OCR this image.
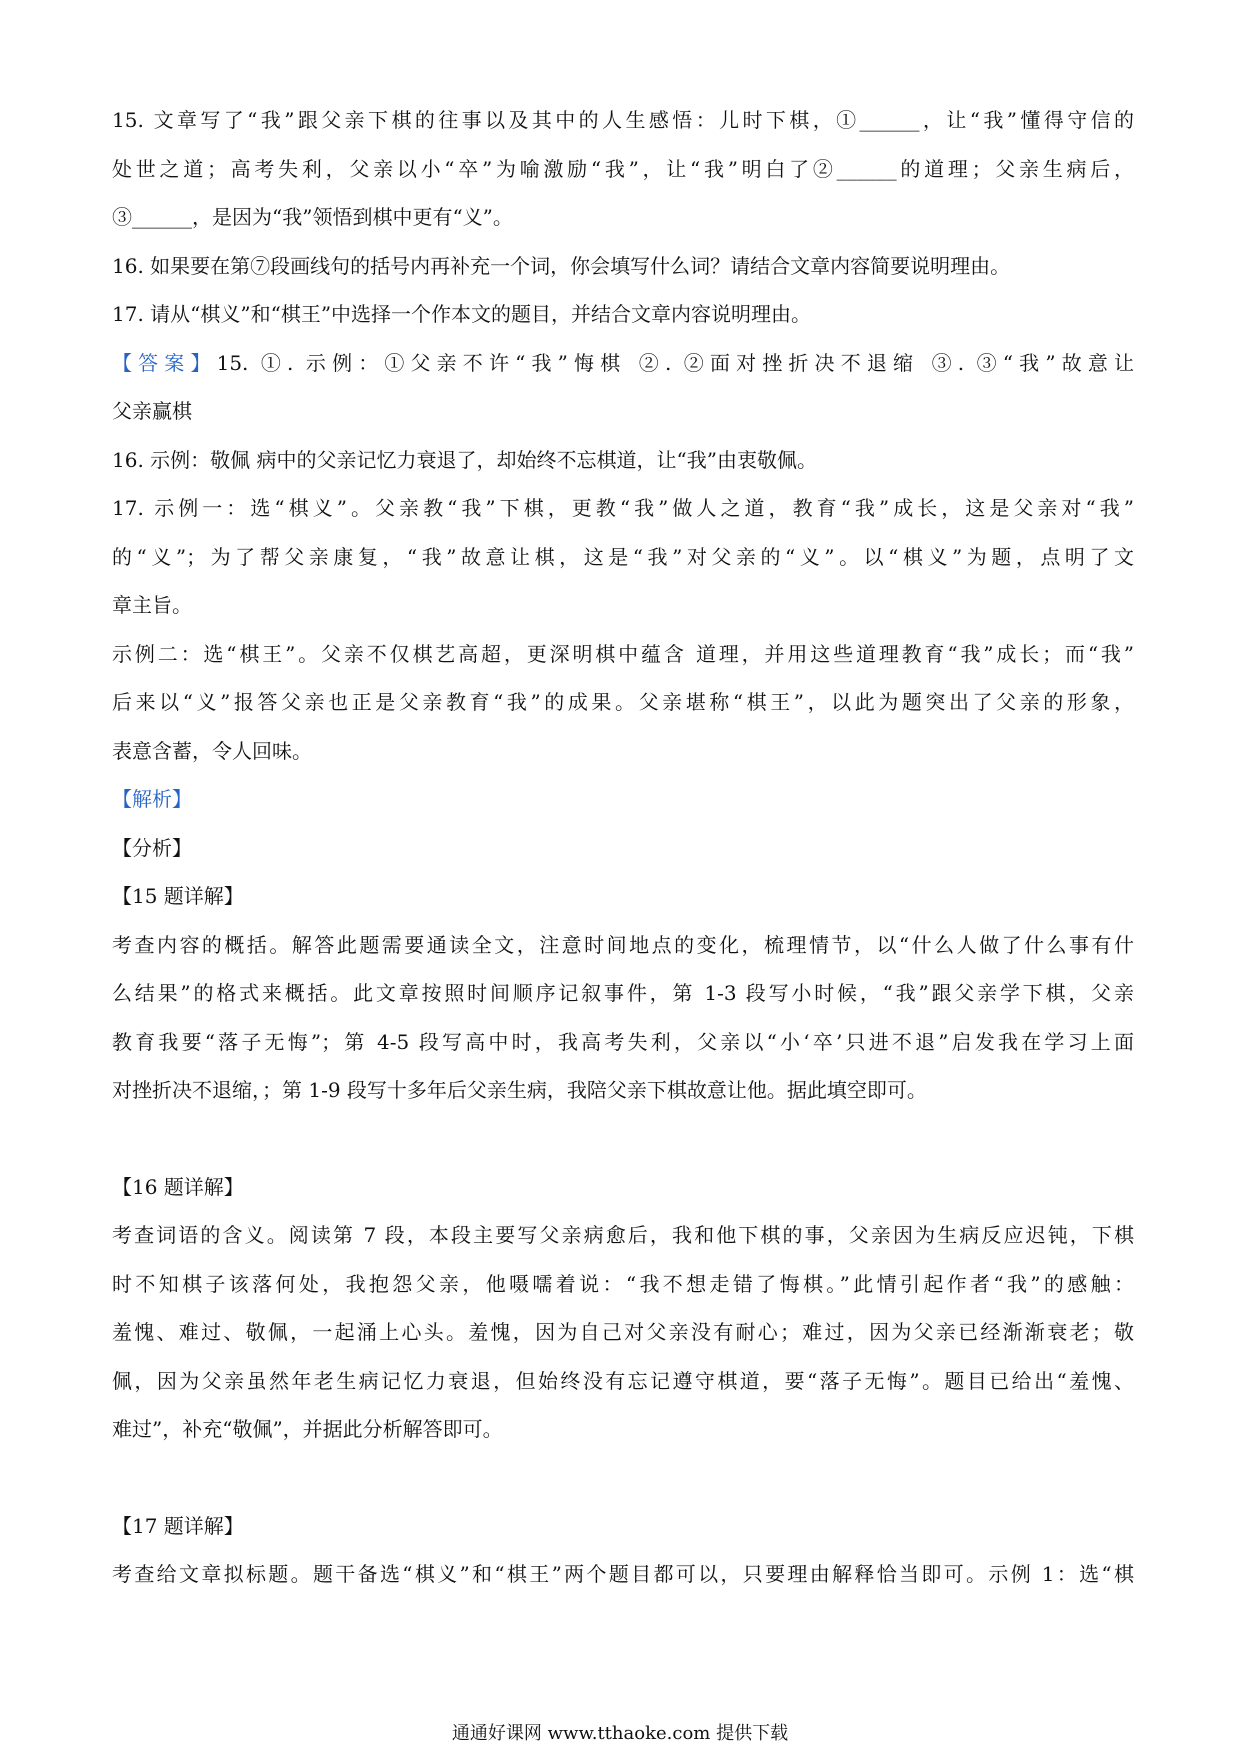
15. 文章写了“我”跟父亲下棋的往事以及其中的人生感悟：儿时下棋，①______，让“我”懂得守信的
处世之道；高考失利，父亲以小“卒”为喻激励“我”，让“我”明白了②______的道理；父亲生病后，
③______，是因为“我”领悟到棋中更有“义”。
16. 如果要在第⑦段画线句的括号内再补充一个词，你会填写什么词？请结合文章内容简要说明理由。
17. 请从“棋义”和“棋王”中选择一个作本文的题目，并结合文章内容说明理由。
【答案】15. ①. 示例：①父亲不许“我”悔棋 ②. ②面对挫折决不退缩 ③. ③“我”故意让
父亲赢棋
16. 示例：敬佩 病中的父亲记忆力衰退了，却始终不忘棋道，让“我”由衷敬佩。
17. 示例一：选“棋义”。父亲教“我”下棋，更教“我”做人之道，教育“我”成长，这是父亲对“我”
的“义”；为了帮父亲康复，“我”故意让棋，这是“我”对父亲的“义”。以“棋义”为题，点明了文
章主旨。
示例二：选“棋王”。父亲不仅棋艺高超，更深明棋中蕴含 道理，并用这些道理教育“我”成长；而“我”
后来以“义”报答父亲也正是父亲教育“我”的成果。父亲堪称“棋王”，以此为题突出了父亲的形象，
表意含蓄，令人回味。
【解析】
【分析】
【15 题详解】
考查内容的概括。解答此题需要通读全文，注意时间地点的变化，梳理情节，以“什么人做了什么事有什
么结果”的格式来概括。此文章按照时间顺序记叙事件，第 1-3 段写小时候，“我”跟父亲学下棋，父亲
教育我要“落子无悔”；第 4-5 段写高中时，我高考失利，父亲以“小‘卒’只进不退”启发我在学习上面
对挫折决不退缩，；第 1-9 段写十多年后父亲生病，我陪父亲下棋故意让他。据此填空即可。
【16 题详解】
考查词语的含义。阅读第 7 段，本段主要写父亲病愈后，我和他下棋的事，父亲因为生病反应迟钝，下棋
时不知棋子该落何处，我抱怨父亲，他嗫嚅着说：“我不想走错了悔棋。”此情引起作者“我”的感触：
羞愧、难过、敬佩，一起涌上心头。羞愧，因为自己对父亲没有耐心；难过，因为父亲已经渐渐衰老；敬
佩，因为父亲虽然年老生病记忆力衰退，但始终没有忘记遵守棋道，要“落子无悔”。题目已给出“羞愧、
难过”，补充“敬佩”，并据此分析解答即可。
【17 题详解】
考查给文章拟标题。题干备选“棋义”和“棋王”两个题目都可以，只要理由解释恰当即可。示例 1：选“棋
通通好课网 www.tthaoke.com 提供下载
